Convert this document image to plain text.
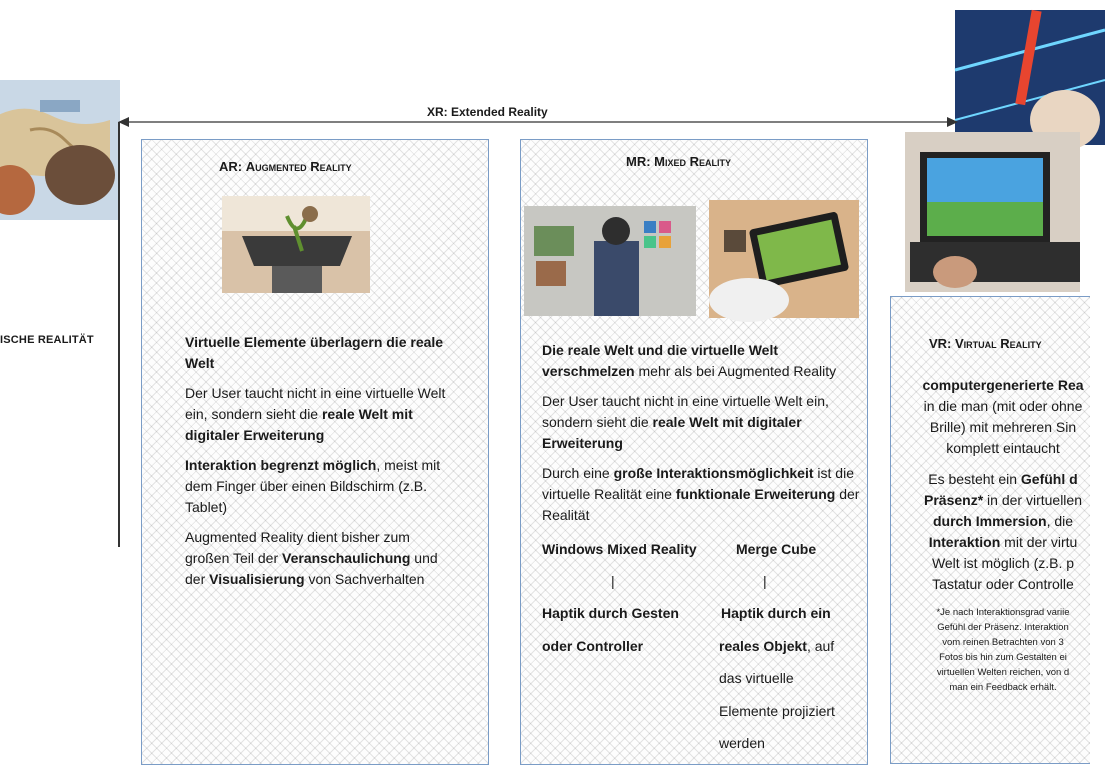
XR: Extended Reality
ISCHE REALITÄT
AR: Augmented Reality

Virtuelle Elemente überlagern die reale Welt

Der User taucht nicht in eine virtuelle Welt ein, sondern sieht die reale Welt mit digitaler Erweiterung

Interaktion begrenzt möglich, meist mit dem Finger über einen Bildschirm (z.B. Tablet)

Augmented Reality dient bisher zum großen Teil der Veranschaulichung und der Visualisierung von Sachverhalten

MR: Mixed Reality

Die reale Welt und die virtuelle Welt verschmelzen mehr als bei Augmented Reality

Der User taucht nicht in eine virtuelle Welt ein, sondern sieht die reale Welt mit digitaler Erweiterung

Durch eine große Interaktionsmöglichkeit ist die virtuelle Realität eine funktionale Erweiterung der Realität

Windows Mixed Reality
|
Haptik durch Gesten
oder Controller
Merge Cube
|
Haptik durch ein
reales Objekt, auf
das virtuelle
Elemente projiziert
werden
VR: Virtual Reality
computergenerierte Rea
in die man (mit oder ohne
Brille) mit mehreren Sin
komplett eintaucht
Es besteht ein Gefühl d
Präsenz* in der virtuellen
durch Immersion, die
Interaktion mit der virtu
Welt ist möglich (z.B. p
Tastatur oder Controlle
*Je nach Interaktionsgrad variie
Gefühl der Präsenz. Interaktion
vom reinen Betrachten von 3
Fotos bis hin zum Gestalten ei
virtuellen Welten reichen, von d
man ein Feedback erhält.
